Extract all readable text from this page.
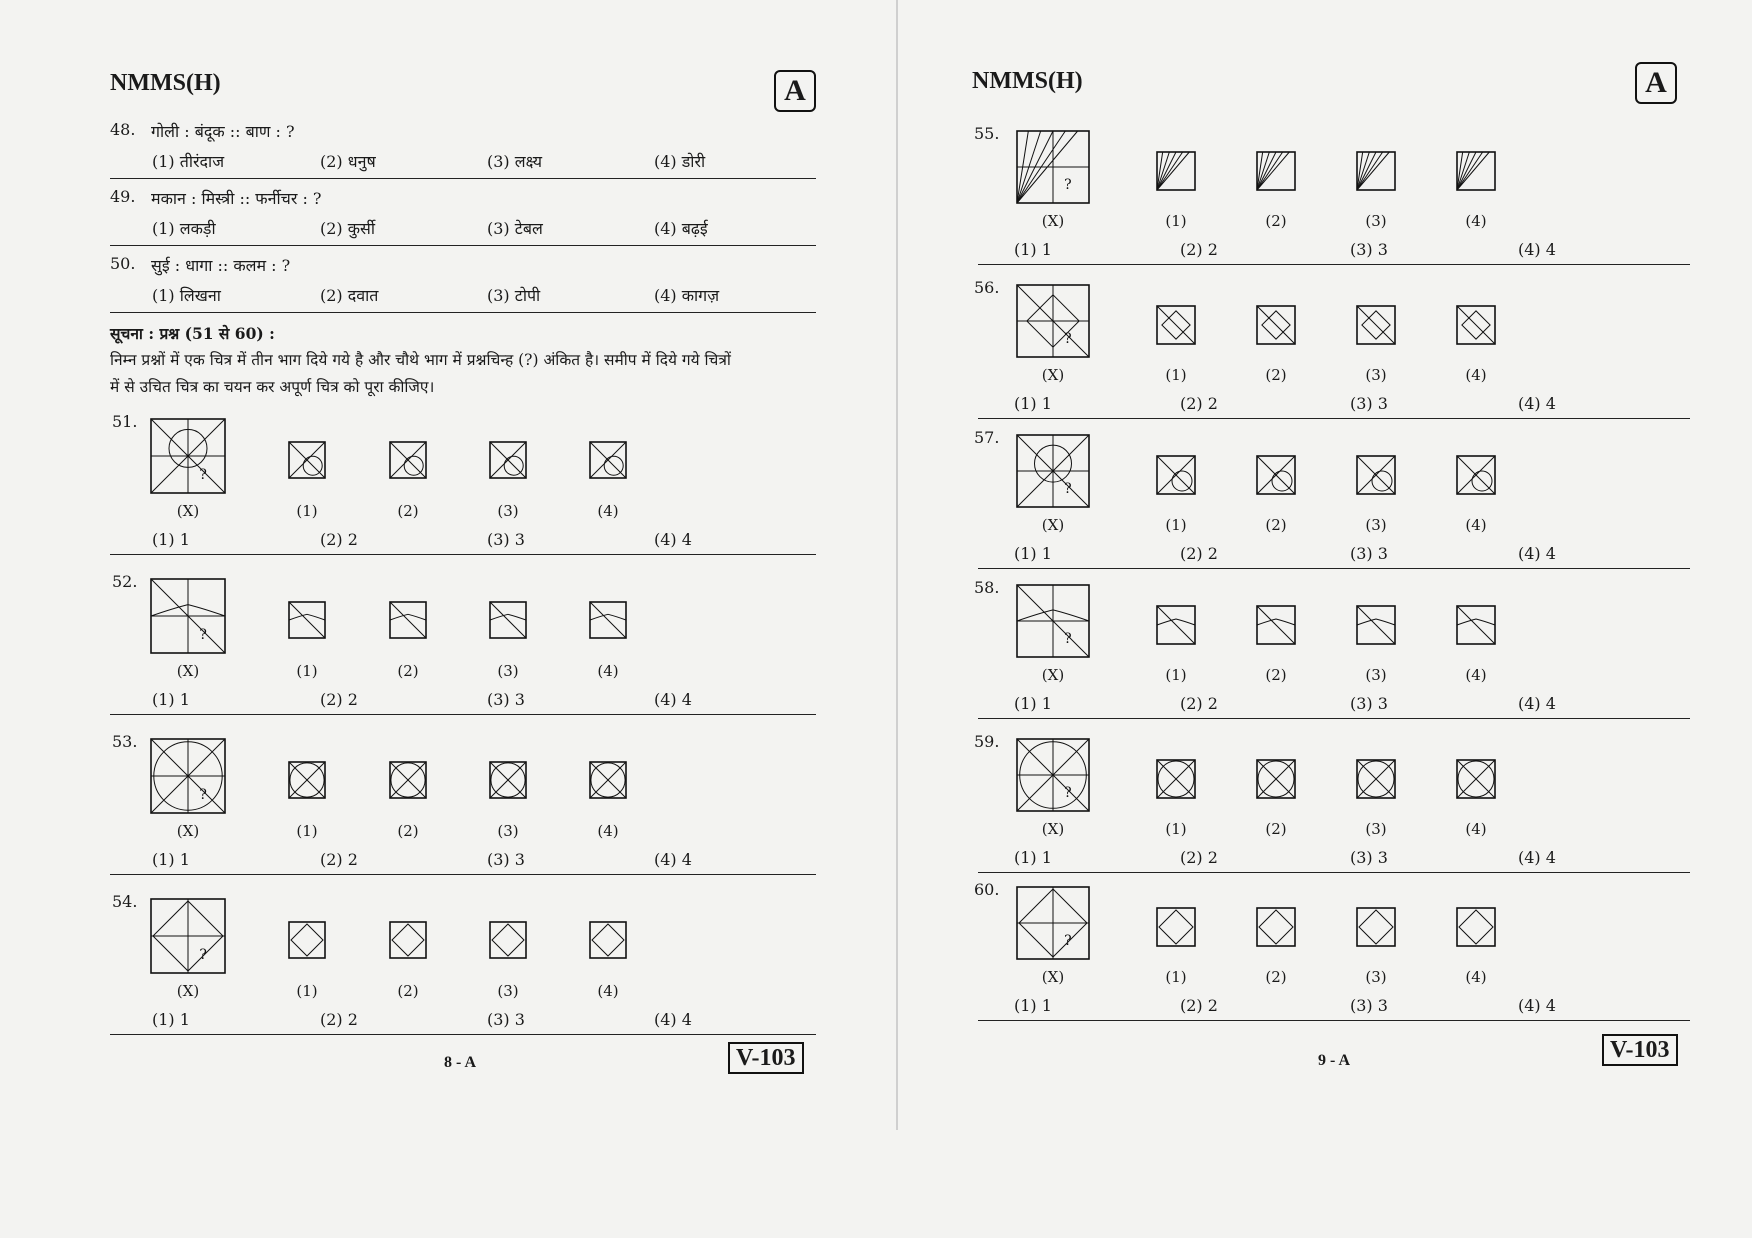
NMMS(H)	A
48. गोली : बंदूक :: बाण : ?
(1) तीरंदाज	(2) धनुष	(3) लक्ष्य	(4) डोरी
49. मकान : मिस्त्री :: फर्नीचर : ?
(1) लकड़ी	(2) कुर्सी	(3) टेबल	(4) बढ़ई
50. सुई : धागा :: कलम : ?
(1) लिखना	(2) दवात	(3) टोपी	(4) कागज़
सूचना : प्रश्न (51 से 60) :
निम्न प्रश्नों में एक चित्र में तीन भाग दिये गये है और चौथे भाग में प्रश्नचिन्ह (?) अंकित है। समीप में दिये गये चित्रों
में से उचित चित्र का चयन कर अपूर्ण चित्र को पूरा कीजिए।
8 - A	V-103
51.
?
(X)	(1)	(2)	(3)	(4)
(1) 1	(2) 2	(3) 3	(4) 4
52.
?
(X)	(1)	(2)	(3)	(4)
(1) 1	(2) 2	(3) 3	(4) 4
53.
?
(X)	(1)	(2)	(3)	(4)
(1) 1	(2) 2	(3) 3	(4) 4
54.
?
(X)	(1)	(2)	(3)	(4)
(1) 1	(2) 2	(3) 3	(4) 4
NMMS(H)	A
9 - A	V-103
55.
?
(X)	(1)	(2)	(3)	(4)
(1) 1	(2) 2	(3) 3	(4) 4
56.
?
(X)	(1)	(2)	(3)	(4)
(1) 1	(2) 2	(3) 3	(4) 4
57.
?
(X)	(1)	(2)	(3)	(4)
(1) 1	(2) 2	(3) 3	(4) 4
58.
?
(X)	(1)	(2)	(3)	(4)
(1) 1	(2) 2	(3) 3	(4) 4
59.
?
(X)	(1)	(2)	(3)	(4)
(1) 1	(2) 2	(3) 3	(4) 4
60.
?
(X)	(1)	(2)	(3)	(4)
(1) 1	(2) 2	(3) 3	(4) 4
